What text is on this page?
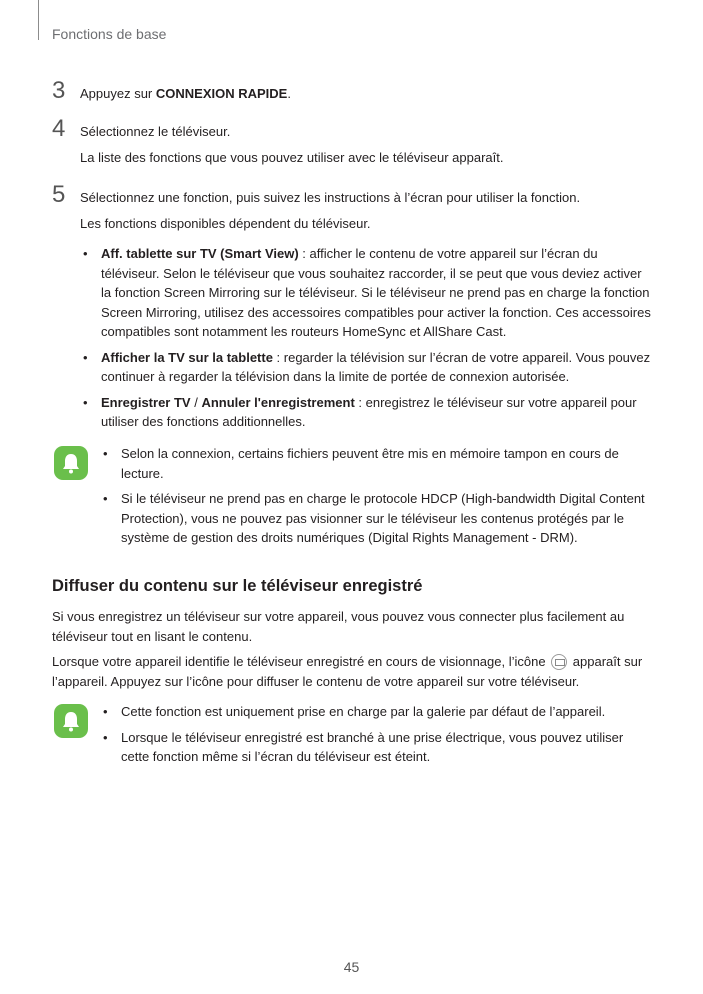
Fonctions de base
3 Appuyez sur CONNEXION RAPIDE.
4 Sélectionnez le téléviseur.
La liste des fonctions que vous pouvez utiliser avec le téléviseur apparaît.
5 Sélectionnez une fonction, puis suivez les instructions à l’écran pour utiliser la fonction.
Les fonctions disponibles dépendent du téléviseur.
• Aff. tablette sur TV (Smart View) : afficher le contenu de votre appareil sur l’écran du téléviseur. Selon le téléviseur que vous souhaitez raccorder, il se peut que vous deviez activer la fonction Screen Mirroring sur le téléviseur. Si le téléviseur ne prend pas en charge la fonction Screen Mirroring, utilisez des accessoires compatibles pour activer la fonction. Ces accessoires compatibles sont notamment les routeurs HomeSync et AllShare Cast.
• Afficher la TV sur la tablette : regarder la télévision sur l’écran de votre appareil. Vous pouvez continuer à regarder la télévision dans la limite de portée de connexion autorisée.
• Enregistrer TV / Annuler l'enregistrement : enregistrez le téléviseur sur votre appareil pour utiliser des fonctions additionnelles.
• Selon la connexion, certains fichiers peuvent être mis en mémoire tampon en cours de lecture.
• Si le téléviseur ne prend pas en charge le protocole HDCP (High-bandwidth Digital Content Protection), vous ne pouvez pas visionner sur le téléviseur les contenus protégés par le système de gestion des droits numériques (Digital Rights Management - DRM).
Diffuser du contenu sur le téléviseur enregistré
Si vous enregistrez un téléviseur sur votre appareil, vous pouvez vous connecter plus facilement au téléviseur tout en lisant le contenu.
Lorsque votre appareil identifie le téléviseur enregistré en cours de visionnage, l’icône  apparaît sur l’appareil. Appuyez sur l’icône pour diffuser le contenu de votre appareil sur votre téléviseur.
• Cette fonction est uniquement prise en charge par la galerie par défaut de l’appareil.
• Lorsque le téléviseur enregistré est branché à une prise électrique, vous pouvez utiliser cette fonction même si l’écran du téléviseur est éteint.
45
